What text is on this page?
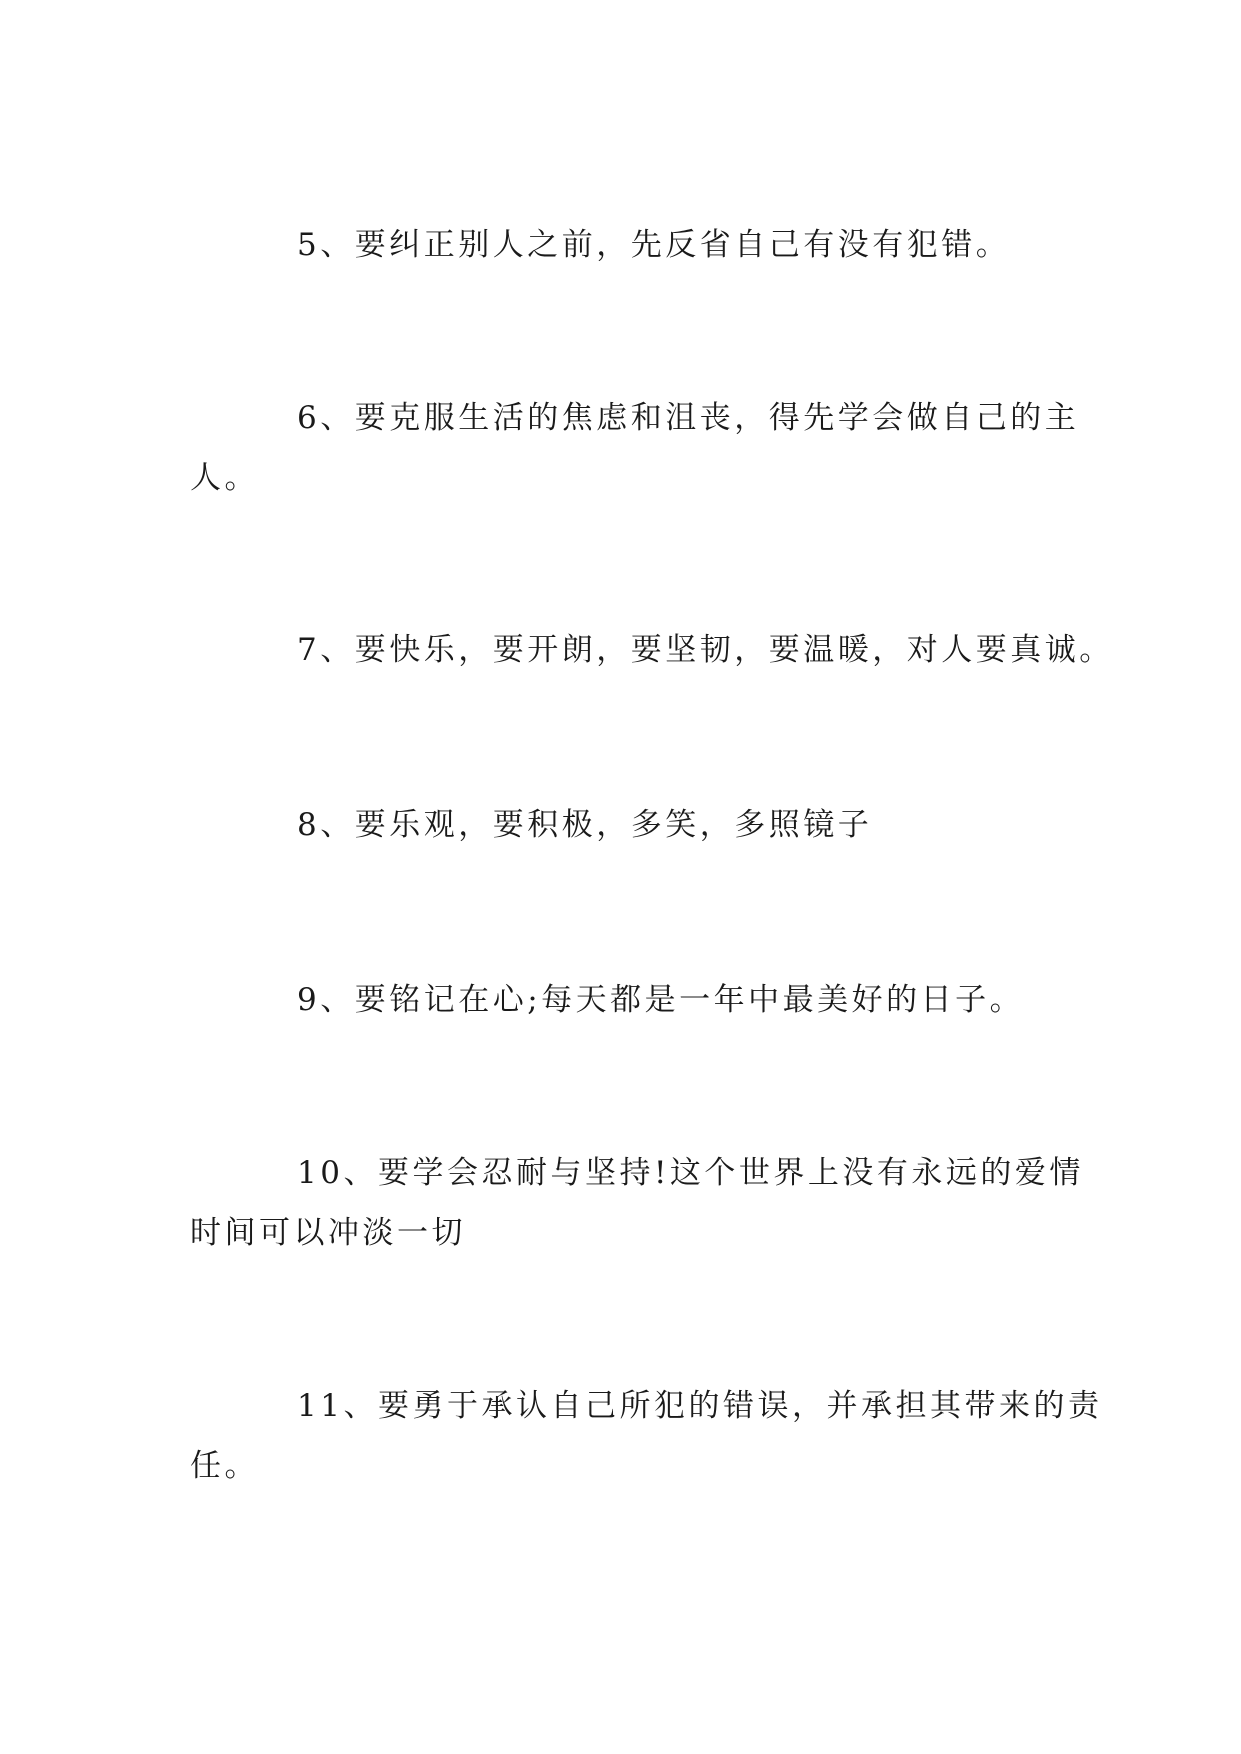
5、要纠正别人之前，先反省自己有没有犯错。

6、要克服生活的焦虑和沮丧，得先学会做自己的主
人。

7、要快乐，要开朗，要坚韧，要温暖，对人要真诚。

8、要乐观，要积极，多笑，多照镜子

9、要铭记在心;每天都是一年中最美好的日子。

10、要学会忍耐与坚持!这个世界上没有永远的爱情
时间可以冲淡一切

11、要勇于承认自己所犯的错误，并承担其带来的责
任。
